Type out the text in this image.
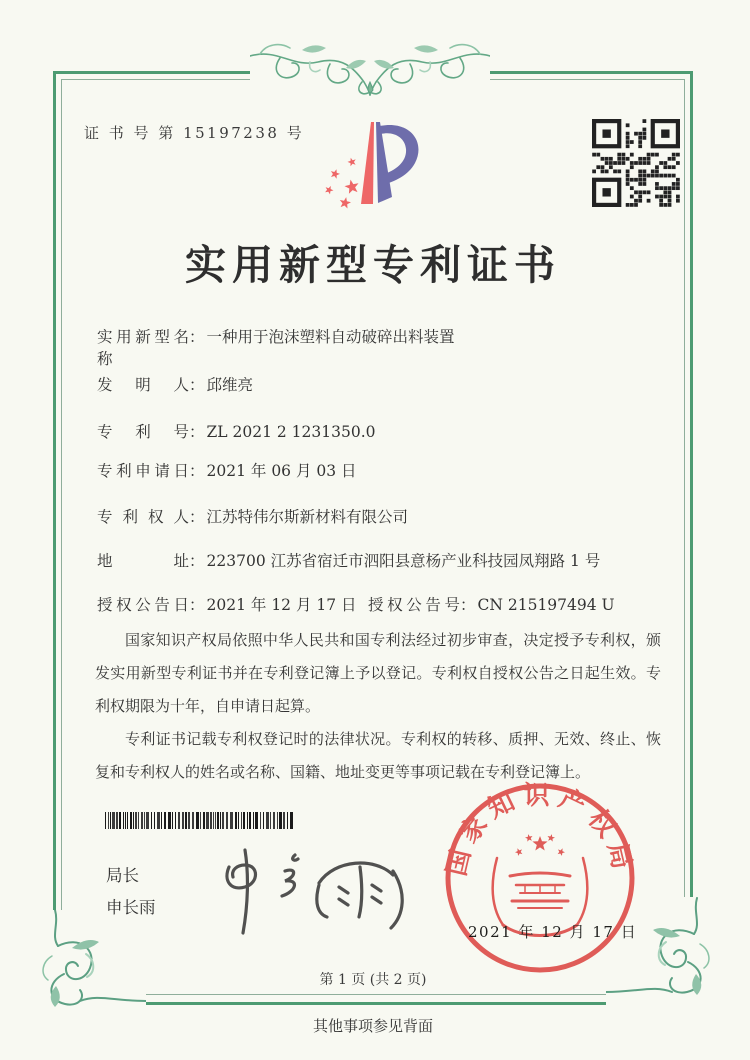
证 书 号 第 15197238 号
实用新型专利证书
实用新型名称： 一种用于泡沫塑料自动破碎出料装置
发明人： 邱维亮
专利号： ZL 2021 2 1231350.0
专利申请日： 2021 年 06 月 03 日
专利权人： 江苏特伟尔斯新材料有限公司
地址： 223700 江苏省宿迁市泗阳县意杨产业科技园凤翔路 1 号
授权公告日： 2021 年 12 月 17 日 授权公告号： CN 215197494 U

国家知识产权局依照中华人民共和国专利法经过初步审查，决定授予专利权，颁发实用新型专利证书并在专利登记簿上予以登记。专利权自授权公告之日起生效。专利权期限为十年，自申请日起算。

专利证书记载专利权登记时的法律状况。专利权的转移、质押、无效、终止、恢复和专利权人的姓名或名称、国籍、地址变更等事项记载在专利登记簿上。

局长
申长雨
国家知识产权局
2021 年 12 月 17 日
第 1 页 (共 2 页)
其他事项参见背面
